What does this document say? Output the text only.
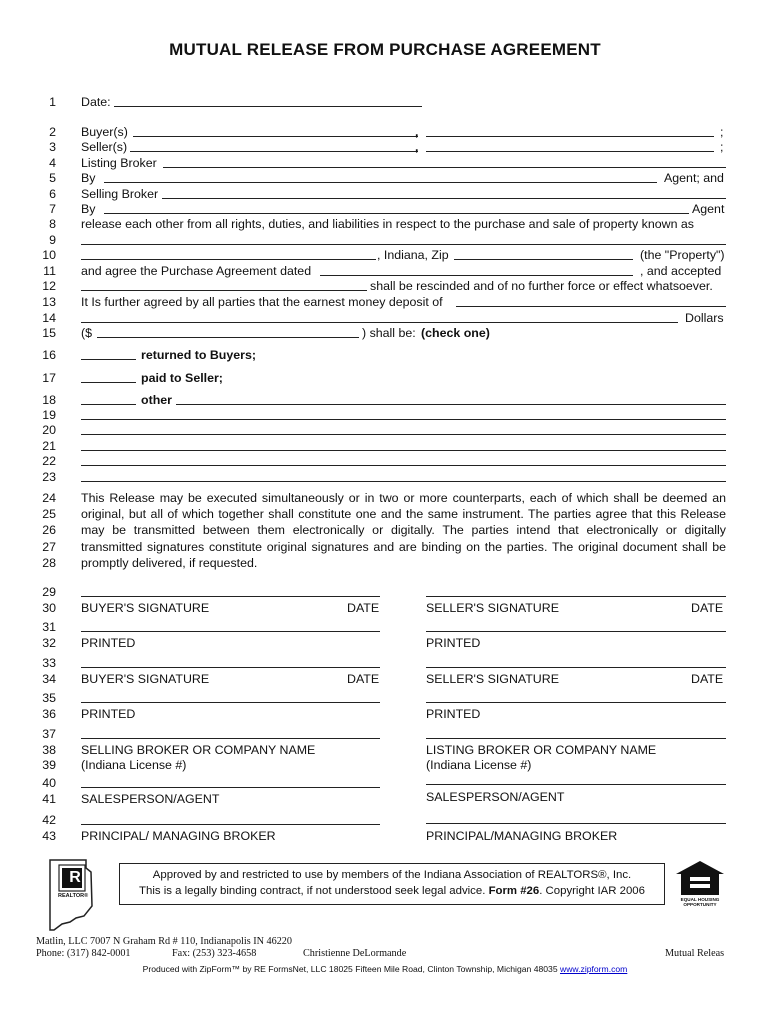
MUTUAL RELEASE FROM PURCHASE AGREEMENT
1 Date:
2 Buyer(s)	,	;
3 Seller(s)	,	;
4 Listing Broker
5 By	Agent; and
6 Selling Broker
7 By	Agent
8 release each other from all rights, duties, and liabilities in respect to the purchase and sale of property known as
9
10	, Indiana, Zip	(the "Property")
11 and agree the Purchase Agreement dated	, and accepted
12	shall be rescinded and of no further force or effect whatsoever.
13 It Is further agreed by all parties that the earnest money deposit of
14	Dollars
15 ($	) shall be: (check one)
16	returned to Buyers;
17	paid to Seller;
18	other
19
20
21
22
23
24
25
26
27
28
This Release may be executed simultaneously or in two or more counterparts, each of which shall be deemed an original, but all of which together shall constitute one and the same instrument. The parties agree that this Release may be transmitted between them electronically or digitally. The parties intend that electronically or digitally transmitted signatures constitute original signatures and are binding on the parties. The original document shall be promptly delivered, if requested.
29
30 BUYER'S SIGNATURE	DATE	SELLER'S SIGNATURE	DATE
31
32 PRINTED	PRINTED
33
34 BUYER'S SIGNATURE	DATE	SELLER'S SIGNATURE	DATE
35
36 PRINTED	PRINTED
37
38 SELLING BROKER OR COMPANY NAME	LISTING BROKER OR COMPANY NAME
39 (Indiana License #)	(Indiana License #)
40
41 SALESPERSON/AGENT	SALESPERSON/AGENT
42
43 PRINCIPAL/ MANAGING BROKER	PRINCIPAL/MANAGING BROKER
R
REALTOR®
Approved by and restricted to use by members of the Indiana Association of REALTORS®, Inc.
This is a legally binding contract, if not understood seek legal advice. Form #26. Copyright IAR 2006
EQUAL HOUSING
OPPORTUNITY
Matlin, LLC 7007 N Graham Rd # 110, Indianapolis IN 46220
Phone: (317) 842-0001	Fax: (253) 323-4658	Christienne DeLormande	Mutual Releas
Produced with ZipForm™ by RE FormsNet, LLC 18025 Fifteen Mile Road, Clinton Township, Michigan 48035 www.zipform.com
